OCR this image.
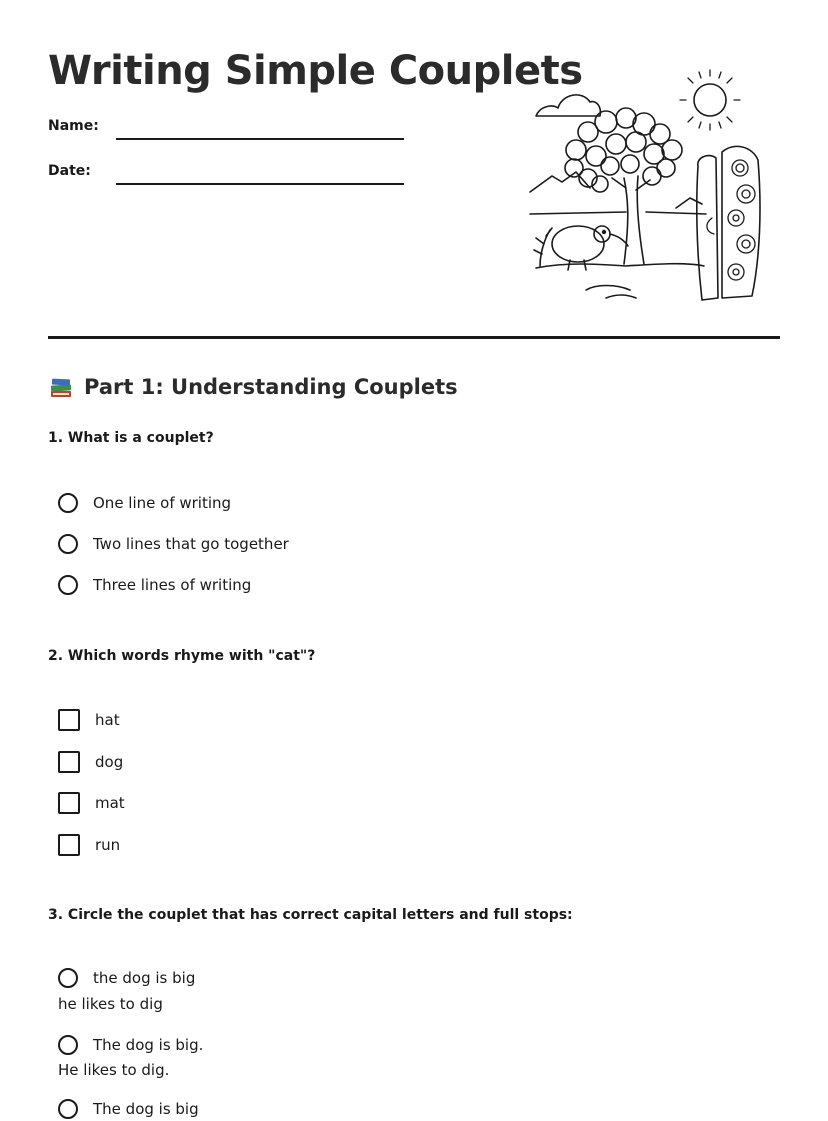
Writing Simple Couplets
Name:
Date:
Part 1: Understanding Couplets
1. What is a couplet?
One line of writing
Two lines that go together
Three lines of writing
2. Which words rhyme with "cat"?
hat
dog
mat
run
3. Circle the couplet that has correct capital letters and full stops:
the dog is big
he likes to dig
The dog is big.
He likes to dig.
The dog is big
